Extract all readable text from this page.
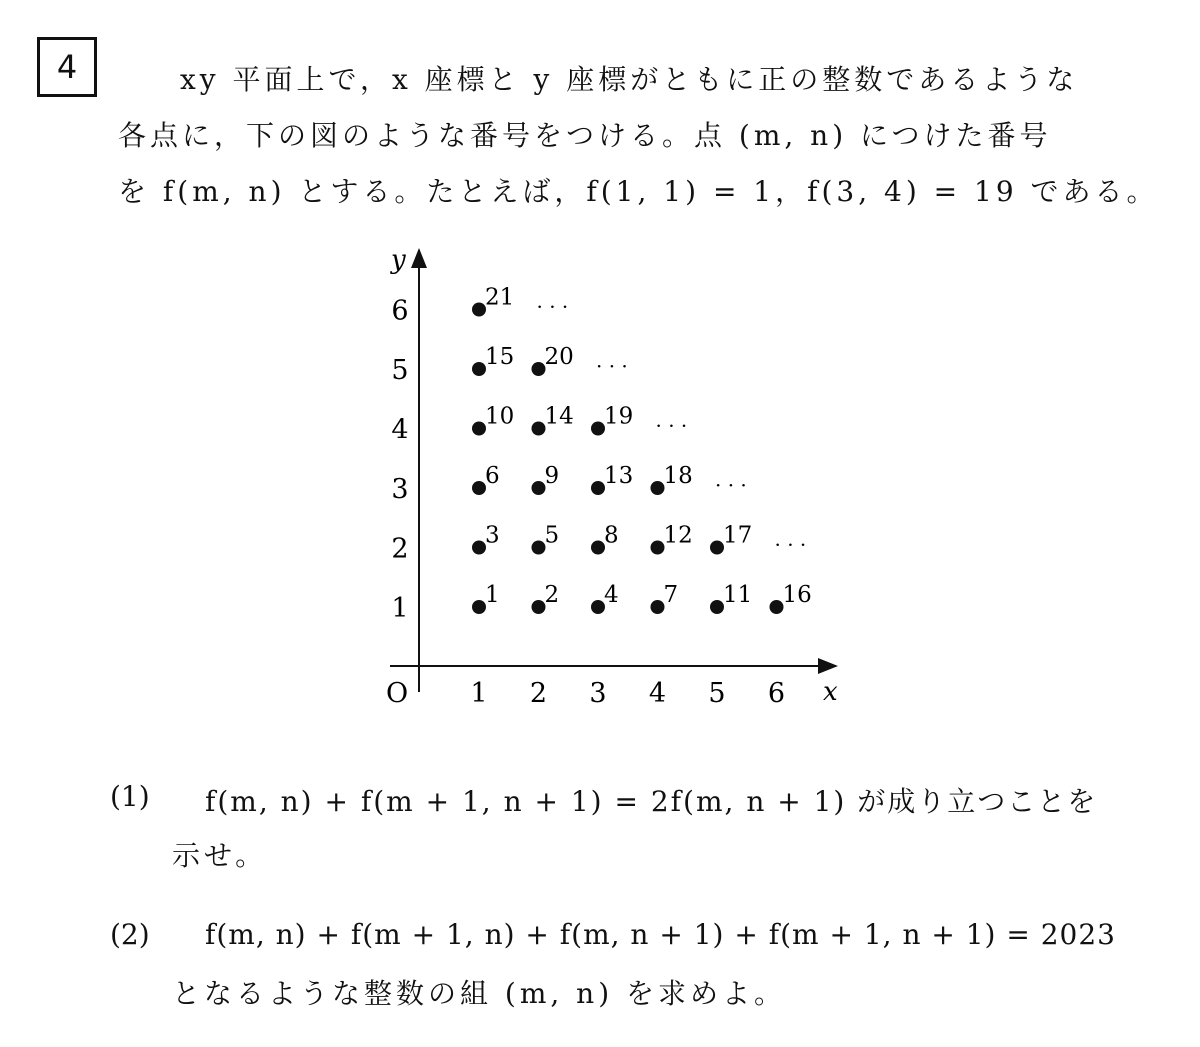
4	xy 平面上で，x 座標と y 座標がともに正の整数であるような
各点に，下の図のような番号をつける。点 (m, n) につけた番号
を f(m, n) とする。たとえば，f(1, 1) = 1，f(3, 4) = 19 である。
x
y
O 1 2 3 4 5 6
1
2
3
4
5
6
1 2 4 7 11 16
3 5 8 12 17
6 9 13 18
10 14 19
15 20
21 · · ·
· · ·
· · ·
· · ·
· · ·
(1) f(m, n) + f(m + 1, n + 1) = 2f(m, n + 1) が成り立つことを
示せ。
(2) f(m, n) + f(m + 1, n) + f(m, n + 1) + f(m + 1, n + 1) = 2023
となるような整数の組 (m, n) を求めよ。
